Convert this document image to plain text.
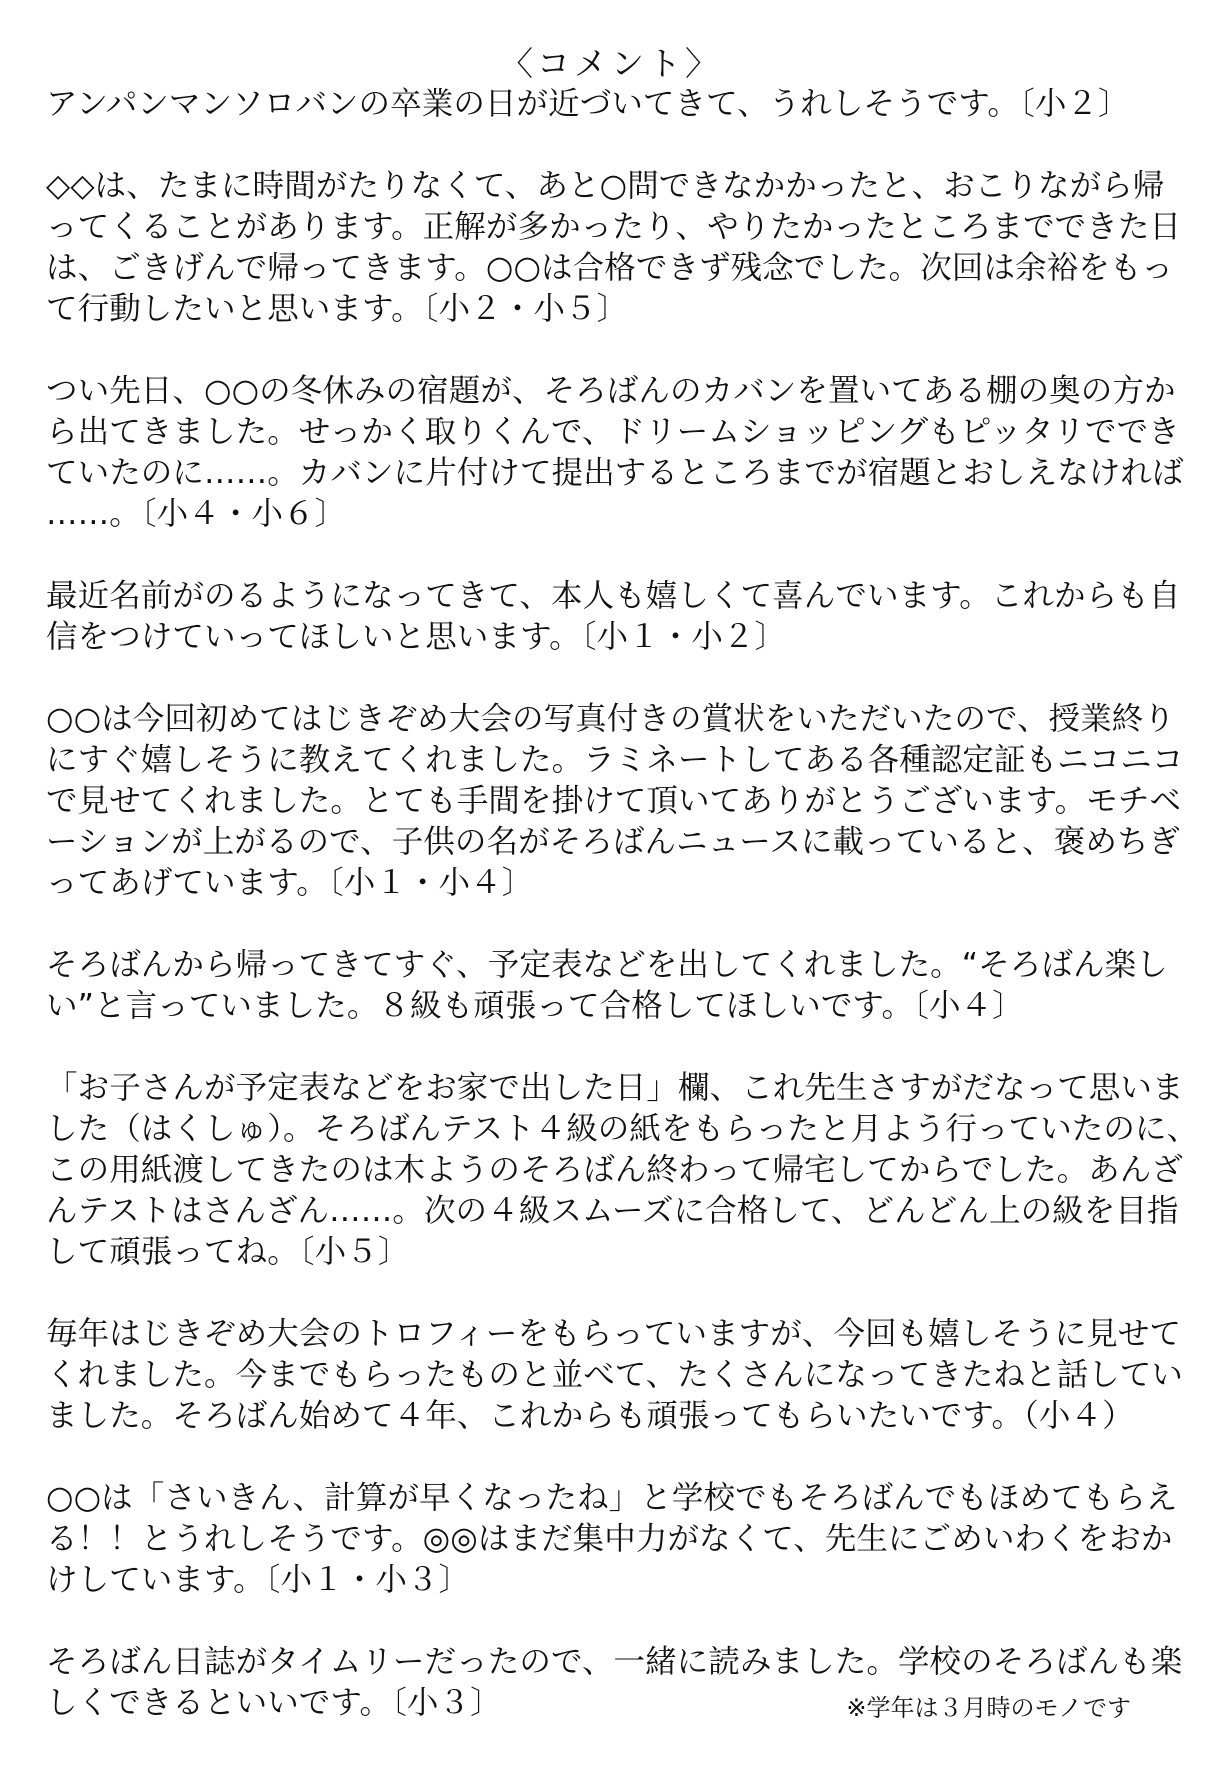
〈コメント〉
アンパンマンソロバンの卒業の日が近づいてきて、うれしそうです。〔小２〕
◇◇は、たまに時間がたりなくて、あと○問できなかかったと、おこりながら帰
ってくることがあります。正解が多かったり、やりたかったところまでできた日
は、ごきげんで帰ってきます。○○は合格できず残念でした。次回は余裕をもっ
て行動したいと思います。〔小２・小５〕
つい先日、○○の冬休みの宿題が、そろばんのカバンを置いてある棚の奥の方か
ら出てきました。せっかく取りくんで、ドリームショッピングもピッタリででき
ていたのに……。カバンに片付けて提出するところまでが宿題とおしえなければ
……。〔小４・小６〕
最近名前がのるようになってきて、本人も嬉しくて喜んでいます。これからも自
信をつけていってほしいと思います。〔小１・小２〕
○○は今回初めてはじきぞめ大会の写真付きの賞状をいただいたので、授業終り
にすぐ嬉しそうに教えてくれました。ラミネートしてある各種認定証もニコニコ
で見せてくれました。とても手間を掛けて頂いてありがとうございます。モチベ
ーションが上がるので、子供の名がそろばんニュースに載っていると、褒めちぎ
ってあげています。〔小１・小４〕
そろばんから帰ってきてすぐ、予定表などを出してくれました。“そろばん楽し
い”と言っていました。８級も頑張って合格してほしいです。〔小４〕
「お子さんが予定表などをお家で出した日」欄、これ先生さすがだなって思いま
した（はくしゅ）。そろばんテスト４級の紙をもらったと月よう行っていたのに、
この用紙渡してきたのは木ようのそろばん終わって帰宅してからでした。あんざ
んテストはさんざん……。次の４級スムーズに合格して、どんどん上の級を目指
して頑張ってね。〔小５〕
毎年はじきぞめ大会のトロフィーをもらっていますが、今回も嬉しそうに見せて
くれました。今までもらったものと並べて、たくさんになってきたねと話してい
ました。そろばん始めて４年、これからも頑張ってもらいたいです。（小４）
○○は「さいきん、計算が早くなったね」と学校でもそろばんでもほめてもらえ
る！！とうれしそうです。◎◎はまだ集中力がなくて、先生にごめいわくをおか
けしています。〔小１・小３〕
そろばん日誌がタイムリーだったので、一緒に読みました。学校のそろばんも楽
しくできるといいです。〔小３〕	※学年は３月時のモノです
